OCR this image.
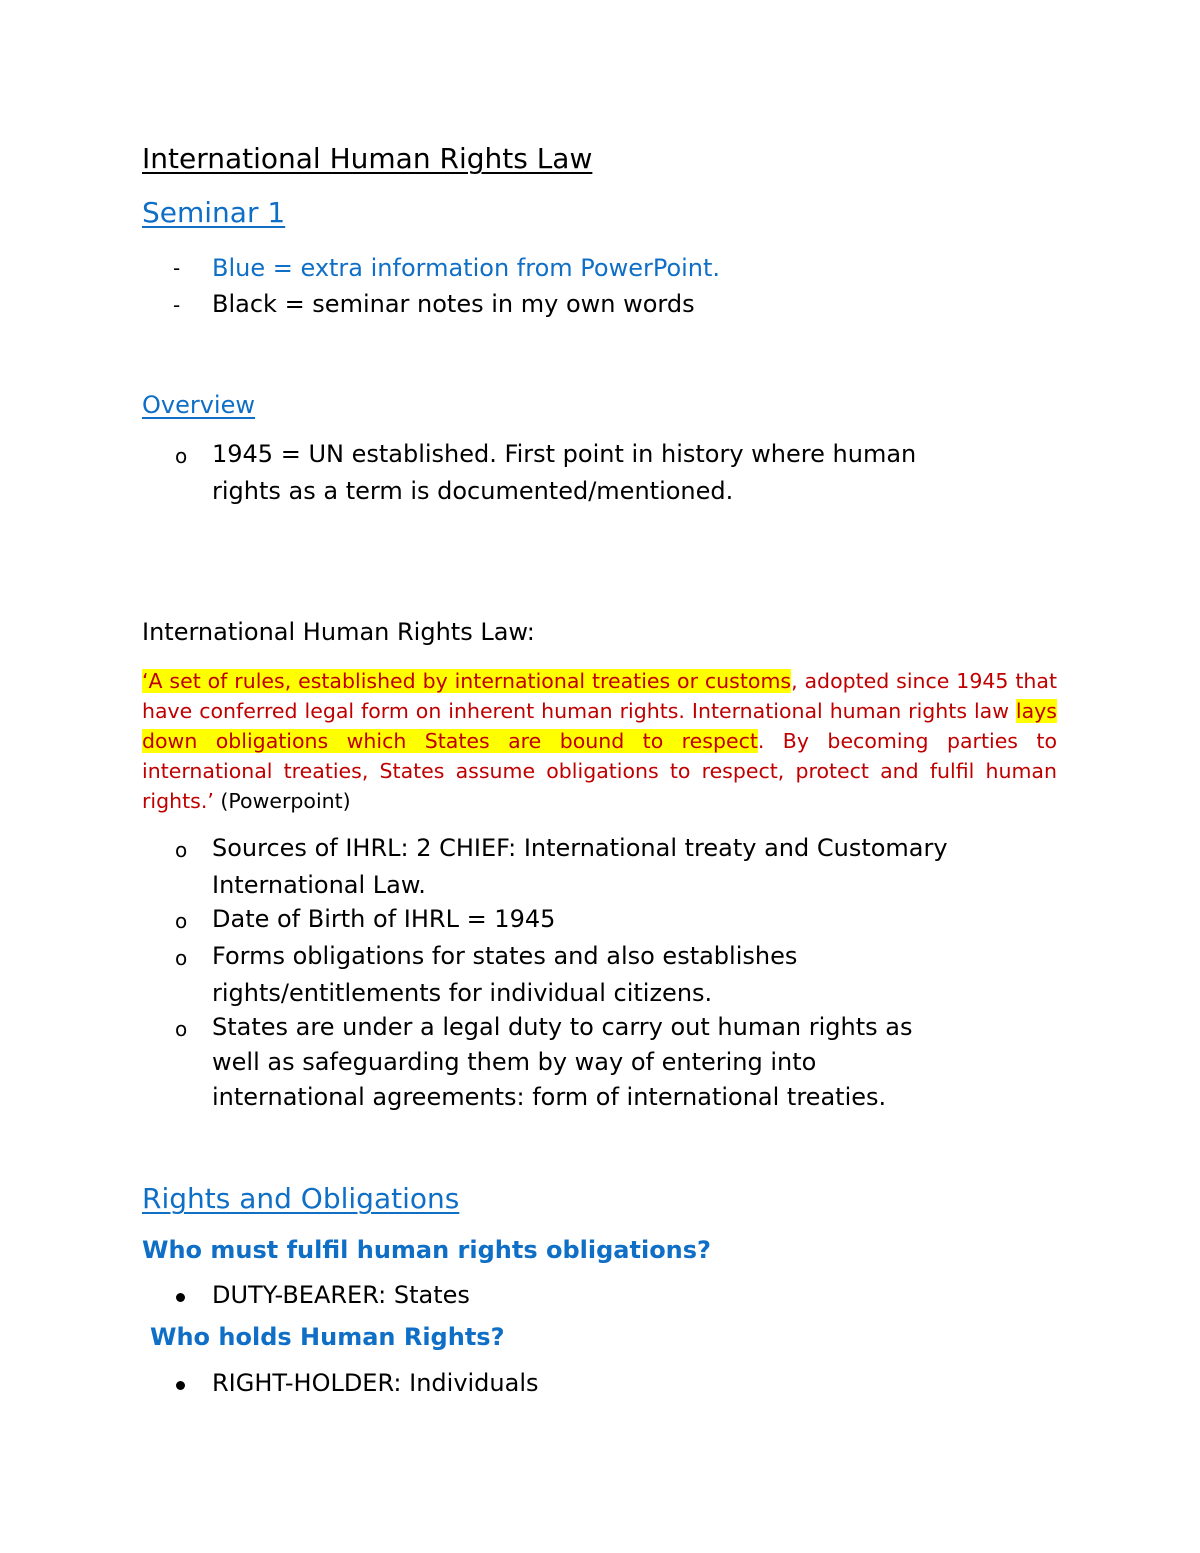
International Human Rights Law
Seminar 1
- Blue = extra information from PowerPoint.
- Black = seminar notes in my own words
Overview
o 1945 = UN established. First point in history where human
rights as a term is documented/mentioned.
International Human Rights Law:
‘A set of rules, established by international treaties or customs, adopted since 1945 that have conferred legal form on inherent human rights. International human rights law lays down obligations which States are bound to respect. By becoming parties to international treaties, States assume obligations to respect, protect and fulfil human rights.’ (Powerpoint)
o Sources of IHRL: 2 CHIEF: International treaty and Customary
International Law.
o Date of Birth of IHRL = 1945
o Forms obligations for states and also establishes
rights/entitlements for individual citizens.
o States are under a legal duty to carry out human rights as
well as safeguarding them by way of entering into
international agreements: form of international treaties.
Rights and Obligations
Who must fulfil human rights obligations?
DUTY-BEARER: States
Who holds Human Rights?
RIGHT-HOLDER: Individuals
